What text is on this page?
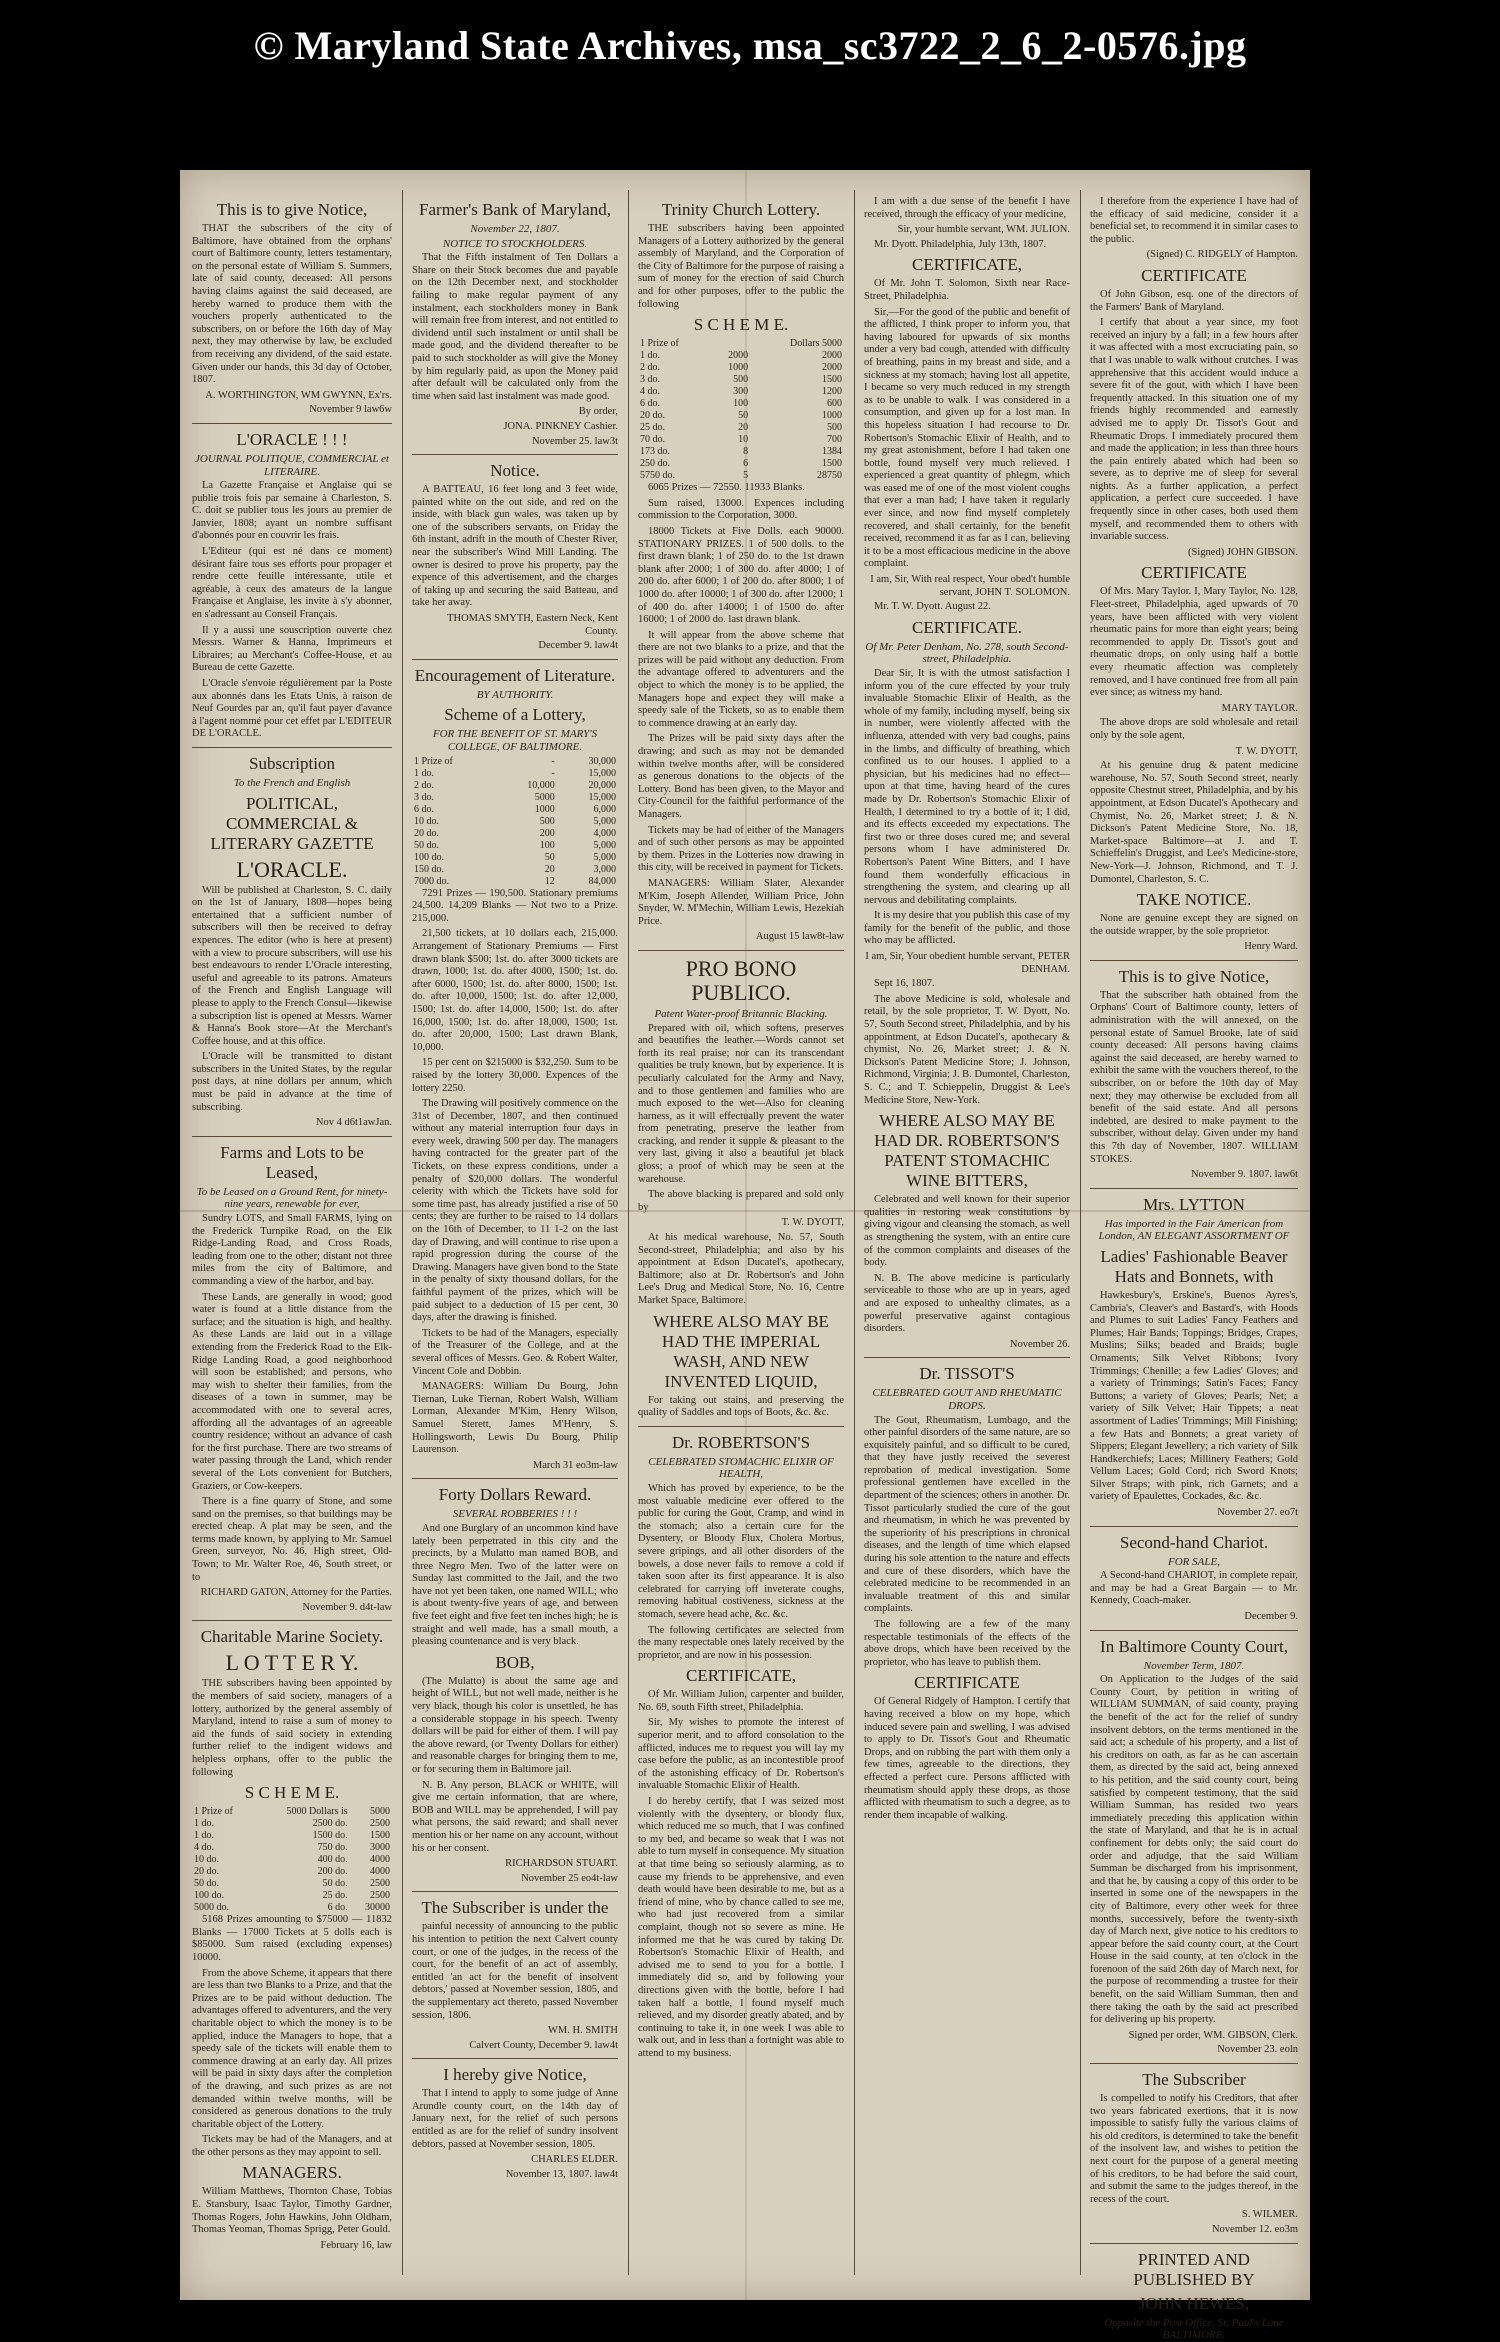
© Maryland State Archives, msa_sc3722_2_6_2-0576.jpg
This is to give Notice,
THAT the subscribers of the city of Baltimore, have obtained from the orphans' court of Baltimore county, letters testamentary, on the personal estate of William S. Summers, late of said county, deceased: All persons having claims against the said deceased, are hereby warned to produce them with the vouchers properly authenticated to the subscribers, on or before the 16th day of May next, they may otherwise by law, be excluded from receiving any dividend, of the said estate. Given under our hands, this 3d day of October, 1807.
A. WORTHINGTON, WM GWYNN, Ex'rs.
November 9 law6w
L'ORACLE ! ! !
JOURNAL POLITIQUE, COMMERCIAL et LITERAIRE.
La Gazette Française et Anglaise qui se publie trois fois par semaine à Charleston, S. C. doit se publier tous les jours au premier de Janvier, 1808; ayant un nombre suffisant d'abonnés pour en couvrir les frais.
L'Editeur (qui est né dans ce moment) désirant faire tous ses efforts pour propager et rendre cette feuille intéressante, utile et agréable, à ceux des amateurs de la langue Française et Anglaise, les invite à s'y abonner, en s'adressant au Conseil Français.
Il y a aussi une souscription ouverte chez Messrs. Warner & Hanna, Imprimeurs et Libraires; au Merchant's Coffee-House, et au Bureau de cette Gazette.
L'Oracle s'envoie régulièrement par la Poste aux abonnés dans les Etats Unis, à raison de Neuf Gourdes par an, qu'il faut payer d'avance à l'agent nommé pour cet effet par L'EDITEUR DE L'ORACLE.
Subscription
To the French and English
POLITICAL, COMMERCIAL & LITERARY GAZETTE
L'ORACLE.
Will be published at Charleston, S. C. daily on the 1st of January, 1808—hopes being entertained that a sufficient number of subscribers will then be received to defray expences. The editor (who is here at present) with a view to procure subscribers, will use his best endeavours to render L'Oracle interesting, useful and agreeable to its patrons. Amateurs of the French and English Language will please to apply to the French Consul—likewise a subscription list is opened at Messrs. Warner & Hanna's Book store—At the Merchant's Coffee house, and at this office.
L'Oracle will be transmitted to distant subscribers in the United States, by the regular post days, at nine dollars per annum, which must be paid in advance at the time of subscribing.
Nov 4 d6t1awJan.
Farms and Lots to be Leased,
To be Leased on a Ground Rent, for ninety-nine years, renewable for ever,
Sundry LOTS, and Small FARMS, lying on the Frederick Turnpike Road, on the Elk Ridge-Landing Road, and Cross Roads, leading from one to the other; distant not three miles from the city of Baltimore, and commanding a view of the harbor, and bay.
These Lands, are generally in wood; good water is found at a little distance from the surface; and the situation is high, and healthy. As these Lands are laid out in a village extending from the Frederick Road to the Elk-Ridge Landing Road, a good neighborhood will soon be established; and persons, who may wish to shelter their families, from the diseases of a town in summer, may be accommodated with one to several acres, affording all the advantages of an agreeable country residence; without an advance of cash for the first purchase. There are two streams of water passing through the Land, which render several of the Lots convenient for Butchers, Graziers, or Cow-keepers.
There is a fine quarry of Stone, and some sand on the premises, so that buildings may be erected cheap. A plat may be seen, and the terms made known, by applying to Mr. Samuel Green, surveyor, No. 46, High street, Old-Town; to Mr. Walter Roe, 46, South street, or to
RICHARD GATON, Attorney for the Parties.
November 9. d4t-law
Charitable Marine Society.
L O T T E R Y.
THE subscribers having been appointed by the members of said society, managers of a lottery, authorized by the general assembly of Maryland, intend to raise a sum of money to aid the funds of said society in extending further relief to the indigent widows and helpless orphans, offer to the public the following
S C H E M E.
1 Prize of	5000 Dollars is	5000
1 do.	2500 do.	2500
1 do.	1500 do.	1500
4 do.	750 do.	3000
10 do.	400 do.	4000
20 do.	200 do.	4000
50 do.	50 do.	2500
100 do.	25 do.	2500
5000 do.	6 do.	30000
5168 Prizes amounting to $75000 — 11832 Blanks — 17000 Tickets at 5 dolls each is $85000. Sum raised (excluding expenses) 10000.
From the above Scheme, it appears that there are less than two Blanks to a Prize, and that the Prizes are to be paid without deduction. The advantages offered to adventurers, and the very charitable object to which the money is to be applied, induce the Managers to hope, that a speedy sale of the tickets will enable them to commence drawing at an early day. All prizes will be paid in sixty days after the completion of the drawing, and such prizes as are not demanded within twelve months, will be considered as generous donations to the truly charitable object of the Lottery.
Tickets may be had of the Managers, and at the other persons as they may appoint to sell.
MANAGERS.
William Matthews, Thornton Chase, Tobias E. Stansbury, Isaac Taylor, Timothy Gardner, Thomas Rogers, John Hawkins, John Oldham, Thomas Yeoman, Thomas Sprigg, Peter Gould.
February 16, law
Farmer's Bank of Maryland,
November 22, 1807.
NOTICE TO STOCKHOLDERS.
That the Fifth instalment of Ten Dollars a Share on their Stock becomes due and payable on the 12th December next, and stockholder failing to make regular payment of any instalment, each stockholders money in Bank will remain free from interest, and not entitled to dividend until such instalment or until shall be made good, and the dividend thereafter to be paid to such stockholder as will give the Money by him regularly paid, as upon the Money paid after default will be calculated only from the time when said last instalment was made good.
By order,
JONA. PINKNEY Cashier.
November 25. law3t
Notice.
A BATTEAU, 16 feet long and 3 feet wide, painted white on the out side, and red on the inside, with black gun wales, was taken up by one of the subscribers servants, on Friday the 6th instant, adrift in the mouth of Chester River, near the subscriber's Wind Mill Landing. The owner is desired to prove his property, pay the expence of this advertisement, and the charges of taking up and securing the said Batteau, and take her away.
THOMAS SMYTH, Eastern Neck, Kent County.
December 9. law4t
Encouragement of Literature.
BY AUTHORITY.
Scheme of a Lottery,
FOR THE BENEFIT OF ST. MARY'S COLLEGE, OF BALTIMORE.
1 Prize of	-	30,000
1 do.	-	15,000
2 do.	10,000	20,000
3 do.	5000	15,000
6 do.	1000	6,000
10 do.	500	5,000
20 do.	200	4,000
50 do.	100	5,000
100 do.	50	5,000
150 do.	20	3,000
7000 do.	12	84,000
7291 Prizes — 190,500. Stationary premiums 24,500. 14,209 Blanks — Not two to a Prize. 215,000.
21,500 tickets, at 10 dollars each, 215,000. Arrangement of Stationary Premiums — First drawn blank $500; 1st. do. after 3000 tickets are drawn, 1000; 1st. do. after 4000, 1500; 1st. do. after 6000, 1500; 1st. do. after 8000, 1500; 1st. do. after 10,000, 1500; 1st. do. after 12,000, 1500; 1st. do. after 14,000, 1500; 1st. do. after 16,000, 1500; 1st. do. after 18,000, 1500; 1st. do. after 20,000, 1500; Last drawn Blank, 10,000.
15 per cent on $215000 is $32,250. Sum to be raised by the lottery 30,000. Expences of the lottery 2250.
The Drawing will positively commence on the 31st of December, 1807, and then continued without any material interruption four days in every week, drawing 500 per day. The managers having contracted for the greater part of the Tickets, on these express conditions, under a penalty of $20,000 dollars. The wonderful celerity with which the Tickets have sold for some time past, has already justified a rise of 50 cents; they are further to be raised to 14 dollars on the 16th of December, to 11 1-2 on the last day of Drawing, and will continue to rise upon a rapid progression during the course of the Drawing. Managers have given bond to the State in the penalty of sixty thousand dollars, for the faithful payment of the prizes, which will be paid subject to a deduction of 15 per cent, 30 days, after the drawing is finished.
Tickets to be had of the Managers, especially of the Treasurer of the College, and at the several offices of Messrs. Geo. & Robert Walter, Vincent Cole and Dobbin.
MANAGERS: William Du Bourg, John Tiernan, Luke Tiernan, Robert Walsh, William Lorman, Alexander M'Kim, Henry Wilson, Samuel Sterett, James M'Henry, S. Hollingsworth, Lewis Du Bourg, Philip Laurenson.
March 31 eo3m-law
Forty Dollars Reward.
SEVERAL ROBBERIES ! ! !
And one Burglary of an uncommon kind have lately been perpetrated in this city and the precincts, by a Mulatto man named BOB, and three Negro Men. Two of the latter were on Sunday last committed to the Jail, and the two have not yet been taken, one named WILL; who is about twenty-five years of age, and between five feet eight and five feet ten inches high; he is straight and well made, has a small mouth, a pleasing countenance and is very black.
BOB,
(The Mulatto) is about the same age and height of WILL, but not well made, neither is he very black, though his color is unsettled, he has a considerable stoppage in his speech. Twenty dollars will be paid for either of them. I will pay the above reward, (or Twenty Dollars for either) and reasonable charges for bringing them to me, or for securing them in Baltimore jail.
N. B. Any person, BLACK or WHITE, will give me certain information, that are where, BOB and WILL may be apprehended, I will pay what persons, the said reward; and shall never mention his or her name on any account, without his or her consent.
RICHARDSON STUART.
November 25 eo4t-law
The Subscriber is under the
painful necessity of announcing to the public his intention to petition the next Calvert county court, or one of the judges, in the recess of the court, for the benefit of an act of assembly, entitled 'an act for the benefit of insolvent debtors,' passed at November session, 1805, and the supplementary act thereto, passed November session, 1806.
WM. H. SMITH
Calvert County, December 9. law4t
I hereby give Notice,
That I intend to apply to some judge of Anne Arundle county court, on the 14th day of January next, for the relief of such persons entitled as are for the relief of sundry insolvent debtors, passed at November session, 1805.
CHARLES ELDER.
November 13, 1807. law4t
Trinity Church Lottery.
THE subscribers having been appointed Managers of a Lottery authorized by the general assembly of Maryland, and the Corporation of the City of Baltimore for the purpose of raising a sum of money for the erection of said Church and for other purposes, offer to the public the following
S C H E M E.
1 Prize of		Dollars 5000
1 do.	2000	2000
2 do.	1000	2000
3 do.	500	1500
4 do.	300	1200
6 do.	100	600
20 do.	50	1000
25 do.	20	500
70 do.	10	700
173 do.	8	1384
250 do.	6	1500
5750 do.	5	28750
6065 Prizes — 72550. 11933 Blanks.
Sum raised, 13000. Expences including commission to the Corporation, 3000.
18000 Tickets at Five Dolls. each 90000. STATIONARY PRIZES. 1 of 500 dolls. to the first drawn blank; 1 of 250 do. to the 1st drawn blank after 2000; 1 of 300 do. after 4000; 1 of 200 do. after 6000; 1 of 200 do. after 8000; 1 of 1000 do. after 10000; 1 of 300 do. after 12000; 1 of 400 do. after 14000; 1 of 1500 do. after 16000; 1 of 2000 do. last drawn blank.
It will appear from the above scheme that there are not two blanks to a prize, and that the prizes will be paid without any deduction. From the advantage offered to adventurers and the object to which the money is to be applied, the Managers hope and expect they will make a speedy sale of the Tickets, so as to enable them to commence drawing at an early day.
The Prizes will be paid sixty days after the drawing; and such as may not be demanded within twelve months after, will be considered as generous donations to the objects of the Lottery. Bond has been given, to the Mayor and City-Council for the faithful performance of the Managers.
Tickets may be had of either of the Managers and of such other persons as may be appointed by them. Prizes in the Lotteries now drawing in this city, will be received in payment for Tickets.
MANAGERS: William Slater, Alexander M'Kim, Joseph Allender, William Price, John Snyder, W. M'Mechin, William Lewis, Hezekiah Price.
August 15 law8t-law
PRO BONO PUBLICO.
Patent Water-proof Britannic Blacking.
Prepared with oil, which softens, preserves and beautifies the leather.—Words cannot set forth its real praise; nor can its transcendant qualities be truly known, but by experience. It is peculiarly calculated for the Army and Navy, and to those gentlemen and families who are much exposed to the wet—Also for cleaning harness, as it will effectually prevent the water from penetrating, preserve the leather from cracking, and render it supple & pleasant to the very last, giving it also a beautiful jet black gloss; a proof of which may be seen at the warehouse.
The above blacking is prepared and sold only by
T. W. DYOTT,
At his medical warehouse, No. 57, South Second-street, Philadelphia; and also by his appointment at Edson Ducatel's, apothecary, Baltimore; also at Dr. Robertson's and John Lee's Drug and Medical Store, No. 16, Centre Market Space, Baltimore.
WHERE ALSO MAY BE HAD THE IMPERIAL WASH, AND NEW INVENTED LIQUID,
For taking out stains, and preserving the quality of Saddles and tops of Boots, &c. &c.
Dr. ROBERTSON'S
CELEBRATED STOMACHIC ELIXIR OF HEALTH,
Which has proved by experience, to be the most valuable medicine ever offered to the public for curing the Gout, Cramp, and wind in the stomach; also a certain cure for the Dysentery, or Bloody Flux, Cholera Morbus, severe gripings, and all other disorders of the bowels, a dose never fails to remove a cold if taken soon after its first appearance. It is also celebrated for carrying off inveterate coughs, removing habitual costiveness, sickness at the stomach, severe head ache, &c. &c.
The following certificates are selected from the many respectable ones lately received by the proprietor, and are now in his possession.
CERTIFICATE,
Of Mr. William Julion, carpenter and builder, No. 69, south Fifth street, Philadelphia.
Sir, My wishes to promote the interest of superior merit, and to afford consolation to the afflicted, induces me to request you will lay my case before the public, as an incontestible proof of the astonishing efficacy of Dr. Robertson's invaluable Stomachic Elixir of Health.
I do hereby certify, that I was seized most violently with the dysentery, or bloody flux, which reduced me so much, that I was confined to my bed, and became so weak that I was not able to turn myself in consequence. My situation at that time being so seriously alarming, as to cause my friends to be apprehensive, and even death would have been desirable to me, but as a friend of mine, who by chance called to see me, who had just recovered from a similar complaint, though not so severe as mine. He informed me that he was cured by taking Dr. Robertson's Stomachic Elixir of Health, and advised me to send to you for a bottle. I immediately did so, and by following your directions given with the bottle, before I had taken half a bottle, I found myself much relieved, and my disorder greatly abated, and by continuing to take it, in one week I was able to walk out, and in less than a fortnight was able to attend to my business.
I am with a due sense of the benefit I have received, through the efficacy of your medicine,
Sir, your humble servant, WM. JULION.
Mr. Dyott. Philadelphia, July 13th, 1807.
CERTIFICATE,
Of Mr. John T. Solomon, Sixth near Race-Street, Philadelphia.
Sir,—For the good of the public and benefit of the afflicted, I think proper to inform you, that having laboured for upwards of six months under a very bad cough, attended with difficulty of breathing, pains in my breast and side, and a sickness at my stomach; having lost all appetite, I became so very much reduced in my strength as to be unable to walk. I was considered in a consumption, and given up for a lost man. In this hopeless situation I had recourse to Dr. Robertson's Stomachic Elixir of Health, and to my great astonishment, before I had taken one bottle, found myself very much relieved. I experienced a great quantity of phlegm, which was eased me of one of the most violent coughs that ever a man had; I have taken it regularly ever since, and now find myself completely recovered, and shall certainly, for the benefit received, recommend it as far as I can, believing it to be a most efficacious medicine in the above complaint.
I am, Sir, With real respect, Your obed't humble servant, JOHN T. SOLOMON.
Mr. T. W. Dyott. August 22.
CERTIFICATE.
Of Mr. Peter Denham, No. 278, south Second-street, Philadelphia.
Dear Sir, It is with the utmost satisfaction I inform you of the cure effected by your truly invaluable Stomachic Elixir of Health, as the whole of my family, including myself, being six in number, were violently affected with the influenza, attended with very bad coughs, pains in the limbs, and difficulty of breathing, which confined us to our houses. I applied to a physician, but his medicines had no effect—upon at that time, having heard of the cures made by Dr. Robertson's Stomachic Elixir of Health, I determined to try a bottle of it; I did, and its effects exceeded my expectations. The first two or three doses cured me; and several persons whom I have administered Dr. Robertson's Patent Wine Bitters, and I have found them wonderfully efficacious in strengthening the system, and clearing up all nervous and debilitating complaints.
It is my desire that you publish this case of my family for the benefit of the public, and those who may be afflicted.
I am, Sir, Your obedient humble servant, PETER DENHAM.
Sept 16, 1807.
The above Medicine is sold, wholesale and retail, by the sole proprietor, T. W. Dyott, No. 57, South Second street, Philadelphia, and by his appointment, at Edson Ducatel's, apothecary & chymist, No. 26, Market street; J. & N. Dickson's Patent Medicine Store; J. Johnson, Richmond, Virginia; J. B. Dumontel, Charleston, S. C.; and T. Schieppelin, Druggist & Lee's Medicine Store, New-York.
WHERE ALSO MAY BE HAD DR. ROBERTSON'S PATENT STOMACHIC WINE BITTERS,
Celebrated and well known for their superior qualities in restoring weak constitutions by giving vigour and cleansing the stomach, as well as strengthening the system, with an entire cure of the common complaints and diseases of the body.
N. B. The above medicine is particularly serviceable to those who are up in years, aged and are exposed to unhealthy climates, as a powerful preservative against contagious disorders.
November 26.
Dr. TISSOT'S
CELEBRATED GOUT AND RHEUMATIC DROPS.
The Gout, Rheumatism, Lumbago, and the other painful disorders of the same nature, are so exquisitely painful, and so difficult to be cured, that they have justly received the severest reprobation of medical investigation. Some professional gentlemen have excelled in the department of the sciences; others in another. Dr. Tissot particularly studied the cure of the gout and rheumatism, in which he was prevented by the superiority of his prescriptions in chronical diseases, and the length of time which elapsed during his sole attention to the nature and effects and cure of these disorders, which have the celebrated medicine to be recommended in an invaluable treatment of this and similar complaints.
The following are a few of the many respectable testimonials of the effects of the above drops, which have been received by the proprietor, who has leave to publish them.
CERTIFICATE
Of General Ridgely of Hampton. I certify that having received a blow on my hope, which induced severe pain and swelling, I was advised to apply to Dr. Tissot's Gout and Rheumatic Drops, and on rubbing the part with them only a few times, agreeable to the directions, they effected a perfect cure. Persons afflicted with rheumatism should apply these drops, as those afflicted with rheumatism to such a degree, as to render them incapable of walking.
I therefore from the experience I have had of the efficacy of said medicine, consider it a beneficial set, to recommend it in similar cases to the public.
(Signed) C. RIDGELY of Hampton.
CERTIFICATE
Of John Gibson, esq. one of the directors of the Farmers' Bank of Maryland.
I certify that about a year since, my foot received an injury by a fall; in a few hours after it was affected with a most excruciating pain, so that I was unable to walk without crutches. I was apprehensive that this accident would induce a severe fit of the gout, with which I have been frequently attacked. In this situation one of my friends highly recommended and earnestly advised me to apply Dr. Tissot's Gout and Rheumatic Drops. I immediately procured them and made the application; in less than three hours the pain entirely abated which had been so severe, as to deprive me of sleep for several nights. As a further application, a perfect application, a perfect cure succeeded. I have frequently since in other cases, both used them myself, and recommended them to others with invariable success.
(Signed) JOHN GIBSON.
CERTIFICATE
Of Mrs. Mary Taylor. I, Mary Taylor, No. 128, Fleet-street, Philadelphia, aged upwards of 70 years, have been afflicted with very violent rheumatic pains for more than eight years; being recommended to apply Dr. Tissot's gout and rheumatic drops, on only using half a bottle every rheumatic affection was completely removed, and I have continued free from all pain ever since; as witness my hand.
MARY TAYLOR.
The above drops are sold wholesale and retail only by the sole agent,
T. W. DYOTT,
At his genuine drug & patent medicine warehouse, No. 57, South Second street, nearly opposite Chestnut street, Philadelphia, and by his appointment, at Edson Ducatel's Apothecary and Chymist, No. 26, Market street; J. & N. Dickson's Patent Medicine Store, No. 18, Market-space Baltimore—at J. and T. Schieffelin's Druggist, and Lee's Medicine-store, New-York—J. Johnson, Richmond, and T. J. Dumontel, Charleston, S. C.
TAKE NOTICE.
None are genuine except they are signed on the outside wrapper, by the sole proprietor.
Henry Ward.
This is to give Notice,
That the subscriber hath obtained from the Orphans' Court of Baltimore county, letters of administration with the will annexed, on the personal estate of Samuel Brooke, late of said county deceased: All persons having claims against the said deceased, are hereby warned to exhibit the same with the vouchers thereof, to the subscriber, on or before the 10th day of May next; they may otherwise be excluded from all benefit of the said estate. And all persons indebted, are desired to make payment to the subscriber, without delay. Given under my hand this 7th day of November, 1807. WILLIAM STOKES.
November 9. 1807. law6t
Mrs. LYTTON
Has imported in the Fair American from London, AN ELEGANT ASSORTMENT OF
Ladies' Fashionable Beaver Hats and Bonnets, with
Hawkesbury's, Erskine's, Buenos Ayres's, Cambria's, Cleaver's and Bastard's, with Hoods and Plumes to suit Ladies' Fancy Feathers and Plumes; Hair Bands; Toppings; Bridges, Crapes, Muslins; Silks; beaded and Braids; bugle Ornaments; Silk Velvet Ribbons; Ivory Trimmings; Chenille; a few Ladies' Gloves; and a variety of Trimmings; Satin's Faces; Fancy Buttons; a variety of Gloves; Pearls; Net; a variety of Silk Velvet; Hair Tippets; a neat assortment of Ladies' Trimmings; Mill Finishing; a few Hats and Bonnets; a great variety of Slippers; Elegant Jewellery; a rich variety of Silk Handkerchiefs; Laces; Millinery Feathers; Gold Vellum Laces; Gold Cord; rich Sword Knots; Silver Straps; with pink, rich Garnets; and a variety of Epaulettes, Cockades, &c. &c.
November 27. eo7t
Second-hand Chariot.
FOR SALE,
A Second-hand CHARIOT, in complete repair, and may be had a Great Bargain — to Mr. Kennedy, Coach-maker.
December 9.
In Baltimore County Court,
November Term, 1807.
On Application to the Judges of the said County Court, by petition in writing of WILLIAM SUMMAN, of said county, praying the benefit of the act for the relief of sundry insolvent debtors, on the terms mentioned in the said act; a schedule of his property, and a list of his creditors on oath, as far as he can ascertain them, as directed by the said act, being annexed to his petition, and the said county court, being satisfied by competent testimony, that the said William Summan, has resided two years immediately preceding this application within the state of Maryland, and that he is in actual confinement for debts only; the said court do order and adjudge, that the said William Summan be discharged from his imprisonment, and that he, by causing a copy of this order to be inserted in some one of the newspapers in the city of Baltimore, every other week for three months, successively, before the twenty-sixth day of March next, give notice to his creditors to appear before the said county court, at the Court House in the said county, at ten o'clock in the forenoon of the said 26th day of March next, for the purpose of recommending a trustee for their benefit, on the said William Summan, then and there taking the oath by the said act prescribed for delivering up his property.
Signed per order, WM. GIBSON, Clerk.
November 23. eoln
The Subscriber
Is compelled to notify his Creditors, that after two years fabricated exertions, that it is now impossible to satisfy fully the various claims of his old creditors, is determined to take the benefit of the insolvent law, and wishes to petition the next court for the purpose of a general meeting of his creditors, to be had before the said court, and submit the same to the judges thereof, in the recess of the court.
S. WILMER.
November 12. eo3m
PRINTED AND PUBLISHED BY
JOHN HEWES,
Opposite the Post Office, St. Paul's Lane BALTIMORE.
